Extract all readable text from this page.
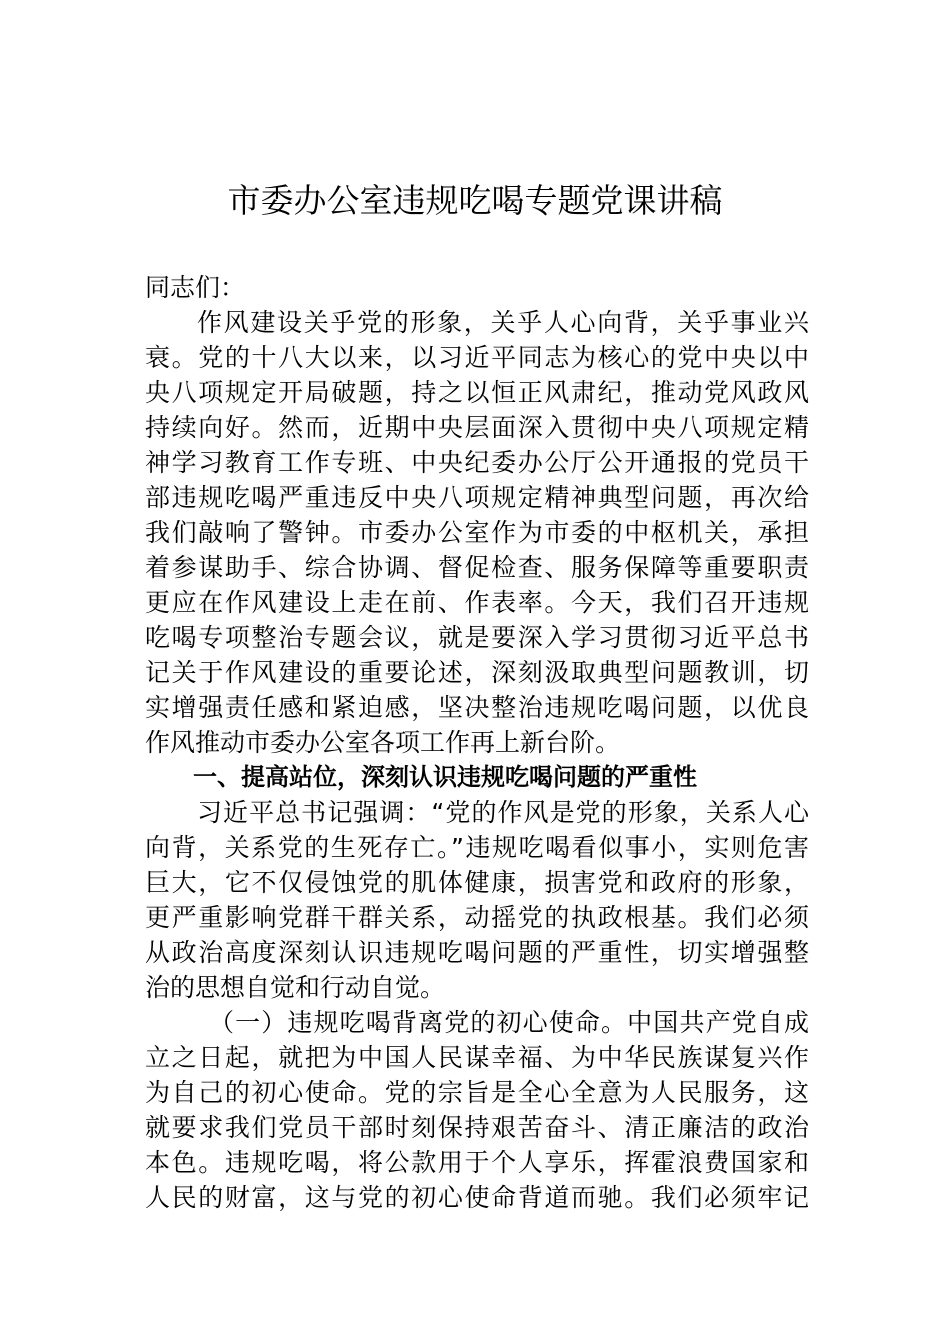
市委办公室违规吃喝专题党课讲稿
同志们：
作风建设关乎党的形象，关乎人心向背，关乎事业兴
衰。党的十八大以来，以习近平同志为核心的党中央以中
央八项规定开局破题，持之以恒正风肃纪，推动党风政风
持续向好。然而，近期中央层面深入贯彻中央八项规定精
神学习教育工作专班、中央纪委办公厅公开通报的党员干
部违规吃喝严重违反中央八项规定精神典型问题，再次给
我们敲响了警钟。市委办公室作为市委的中枢机关，承担
着参谋助手、综合协调、督促检查、服务保障等重要职责
更应在作风建设上走在前、作表率。今天，我们召开违规
吃喝专项整治专题会议，就是要深入学习贯彻习近平总书
记关于作风建设的重要论述，深刻汲取典型问题教训，切
实增强责任感和紧迫感，坚决整治违规吃喝问题，以优良
作风推动市委办公室各项工作再上新台阶。
一、提高站位，深刻认识违规吃喝问题的严重性
习近平总书记强调：“党的作风是党的形象，关系人心
向背，关系党的生死存亡。”违规吃喝看似事小，实则危害
巨大，它不仅侵蚀党的肌体健康，损害党和政府的形象，
更严重影响党群干群关系，动摇党的执政根基。我们必须
从政治高度深刻认识违规吃喝问题的严重性，切实增强整
治的思想自觉和行动自觉。
（一）违规吃喝背离党的初心使命。中国共产党自成
立之日起，就把为中国人民谋幸福、为中华民族谋复兴作
为自己的初心使命。党的宗旨是全心全意为人民服务，这
就要求我们党员干部时刻保持艰苦奋斗、清正廉洁的政治
本色。违规吃喝，将公款用于个人享乐，挥霍浪费国家和
人民的财富，这与党的初心使命背道而驰。我们必须牢记
